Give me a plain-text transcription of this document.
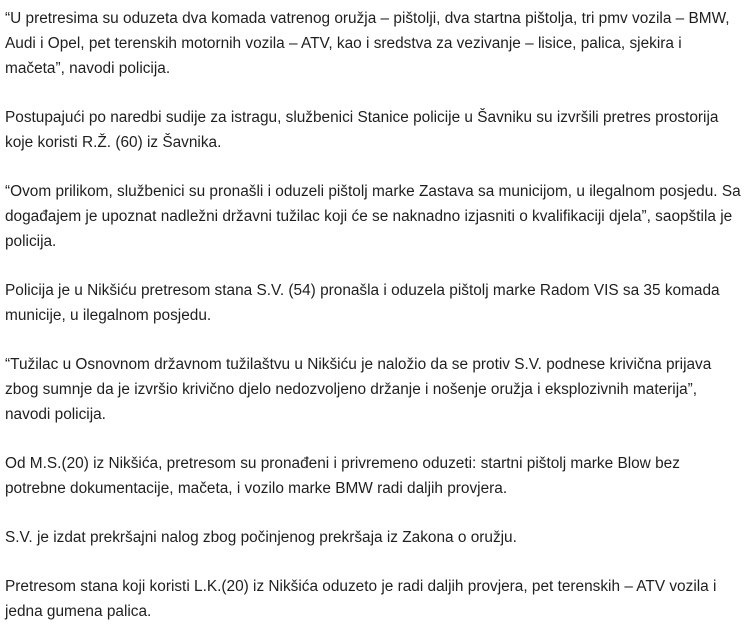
“U pretresima su oduzeta dva komada vatrenog oružja – pištolji, dva startna pištolja, tri pmv vozila – BMW, Audi i Opel, pet terenskih motornih vozila – ATV, kao i sredstva za vezivanje – lisice, palica, sjekira i mačeta”, navodi policija.

Postupajući po naredbi sudije za istragu, službenici Stanice policije u Šavniku su izvršili pretres prostorija koje koristi R.Ž. (60) iz Šavnika.

“Ovom prilikom, službenici su pronašli i oduzeli pištolj marke Zastava sa municijom, u ilegalnom posjedu. Sa događajem je upoznat nadležni državni tužilac koji će se naknadno izjasniti o kvalifikaciji djela”, saopštila je policija.

Policija je u Nikšiću pretresom stana S.V. (54) pronašla i oduzela pištolj marke Radom VIS sa 35 komada municije, u ilegalnom posjedu.

“Tužilac u Osnovnom državnom tužilaštvu u Nikšiću je naložio da se protiv S.V. podnese krivična prijava zbog sumnje da je izvršio krivično djelo nedozvoljeno držanje i nošenje oružja i eksplozivnih materija”, navodi policija.

Od M.S.(20) iz Nikšića, pretresom su pronađeni i privremeno oduzeti: startni pištolj marke Blow bez potrebne dokumentacije, mačeta, i vozilo marke BMW radi daljih provjera.

S.V. je izdat prekršajni nalog zbog počinjenog prekršaja iz Zakona o oružju.

Pretresom stana koji koristi L.K.(20) iz Nikšića oduzeto je radi daljih provjera, pet terenskih – ATV vozila i jedna gumena palica.
